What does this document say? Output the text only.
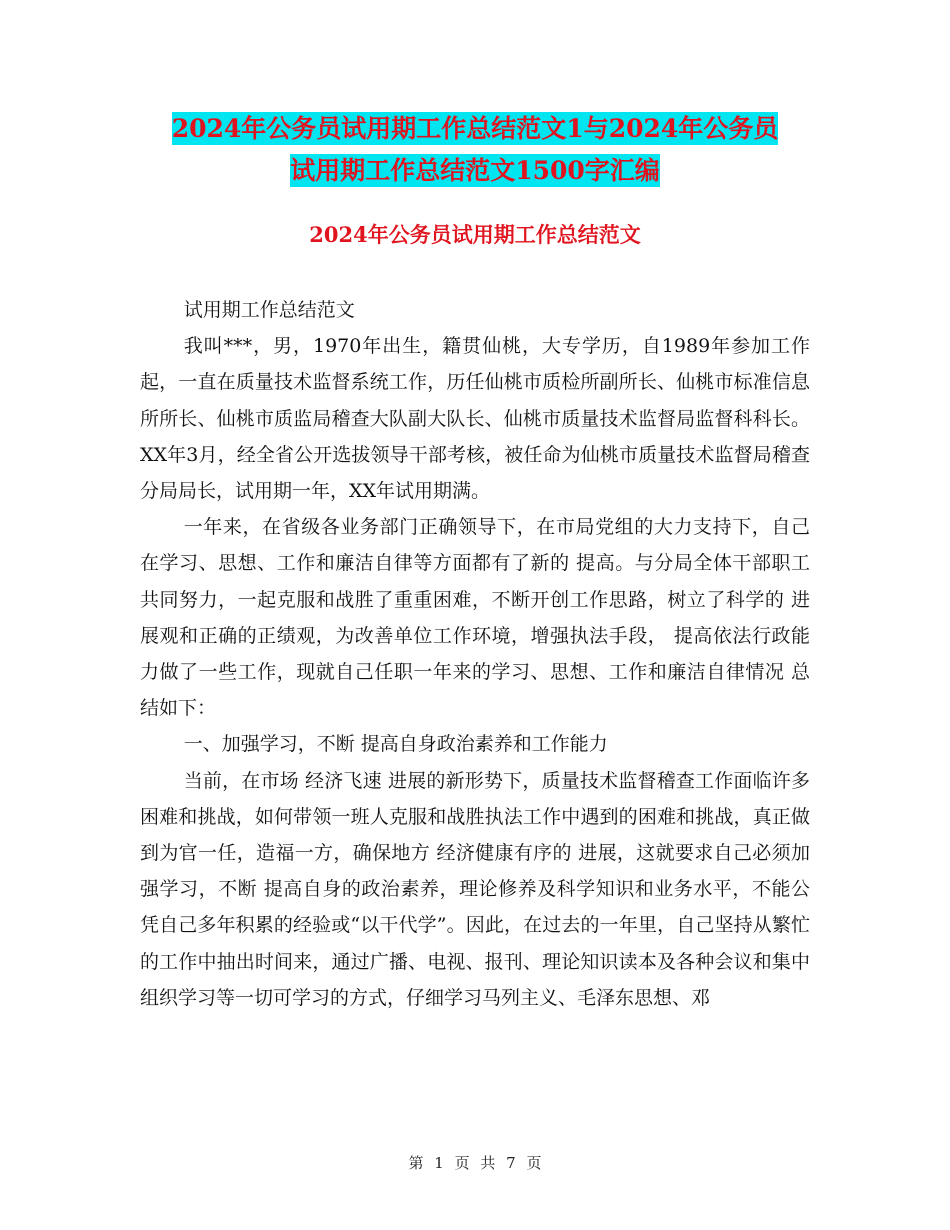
2024年公务员试用期工作总结范文1与2024年公务员
试用期工作总结范文1500字汇编
2024年公务员试用期工作总结范文

试用期工作总结范文

我叫***，男，1970年出生，籍贯仙桃，大专学历，自1989年参加工作起，一直在质量技术监督系统工作，历任仙桃市质检所副所长、仙桃市标准信息所所长、仙桃市质监局稽查大队副大队长、仙桃市质量技术监督局监督科科长。XX年3月，经全省公开选拔领导干部考核，被任命为仙桃市质量技术监督局稽查分局局长，试用期一年，XX年试用期满。

一年来，在省级各业务部门正确领导下，在市局党组的大力支持下，自己在学习、思想、工作和廉洁自律等方面都有了新的 提高。与分局全体干部职工共同努力，一起克服和战胜了重重困难，不断开创工作思路，树立了科学的 进展观和正确的正绩观，为改善单位工作环境，增强执法手段， 提高依法行政能力做了一些工作，现就自己任职一年来的学习、思想、工作和廉洁自律情况 总结如下：

一、加强学习，不断 提高自身政治素养和工作能力

当前，在市场 经济飞速 进展的新形势下，质量技术监督稽查工作面临许多困难和挑战，如何带领一班人克服和战胜执法工作中遇到的困难和挑战，真正做到为官一任，造福一方，确保地方 经济健康有序的 进展，这就要求自己必须加强学习，不断 提高自身的政治素养，理论修养及科学知识和业务水平，不能公凭自己多年积累的经验或“以干代学”。因此，在过去的一年里，自己坚持从繁忙的工作中抽出时间来，通过广播、电视、报刊、理论知识读本及各种会议和集中组织学习等一切可学习的方式，仔细学习马列主义、毛泽东思想、邓

第 1 页 共 7 页
